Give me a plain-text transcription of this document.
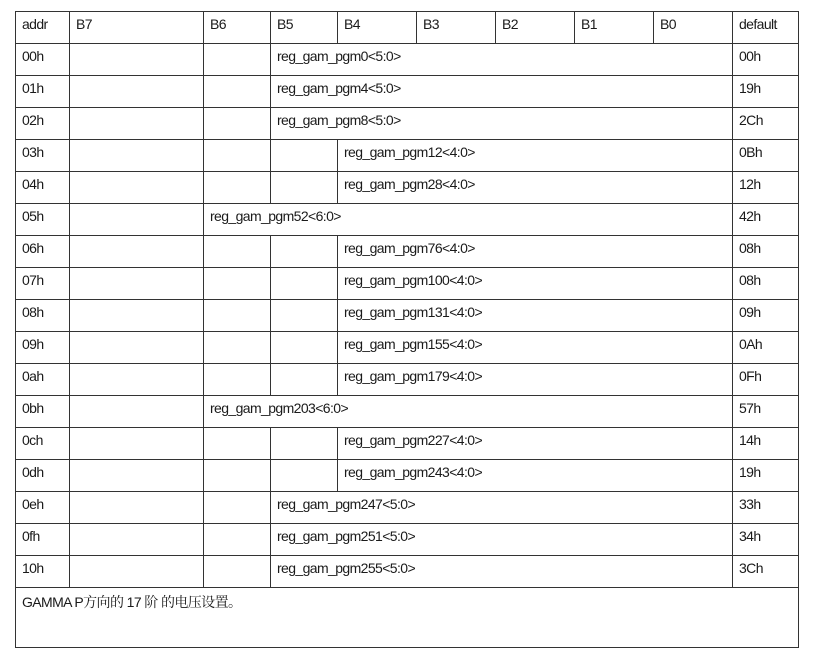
addr	B7	B6	B5	B4	B3	B2	B1	B0	default
00h			reg_gam_pgm0<5:0>						00h
01h			reg_gam_pgm4<5:0>						19h
02h			reg_gam_pgm8<5:0>						2Ch
03h				reg_gam_pgm12<4:0>					0Bh
04h				reg_gam_pgm28<4:0>					12h
05h		reg_gam_pgm52<6:0>							42h
06h				reg_gam_pgm76<4:0>					08h
07h				reg_gam_pgm100<4:0>					08h
08h				reg_gam_pgm131<4:0>					09h
09h				reg_gam_pgm155<4:0>					0Ah
0ah				reg_gam_pgm179<4:0>					0Fh
0bh		reg_gam_pgm203<6:0>							57h
0ch				reg_gam_pgm227<4:0>					14h
0dh				reg_gam_pgm243<4:0>					19h
0eh			reg_gam_pgm247<5:0>						33h
0fh			reg_gam_pgm251<5:0>						34h
10h			reg_gam_pgm255<5:0>						3Ch
GAMMA P方向的 17 阶 的电压设置。									
